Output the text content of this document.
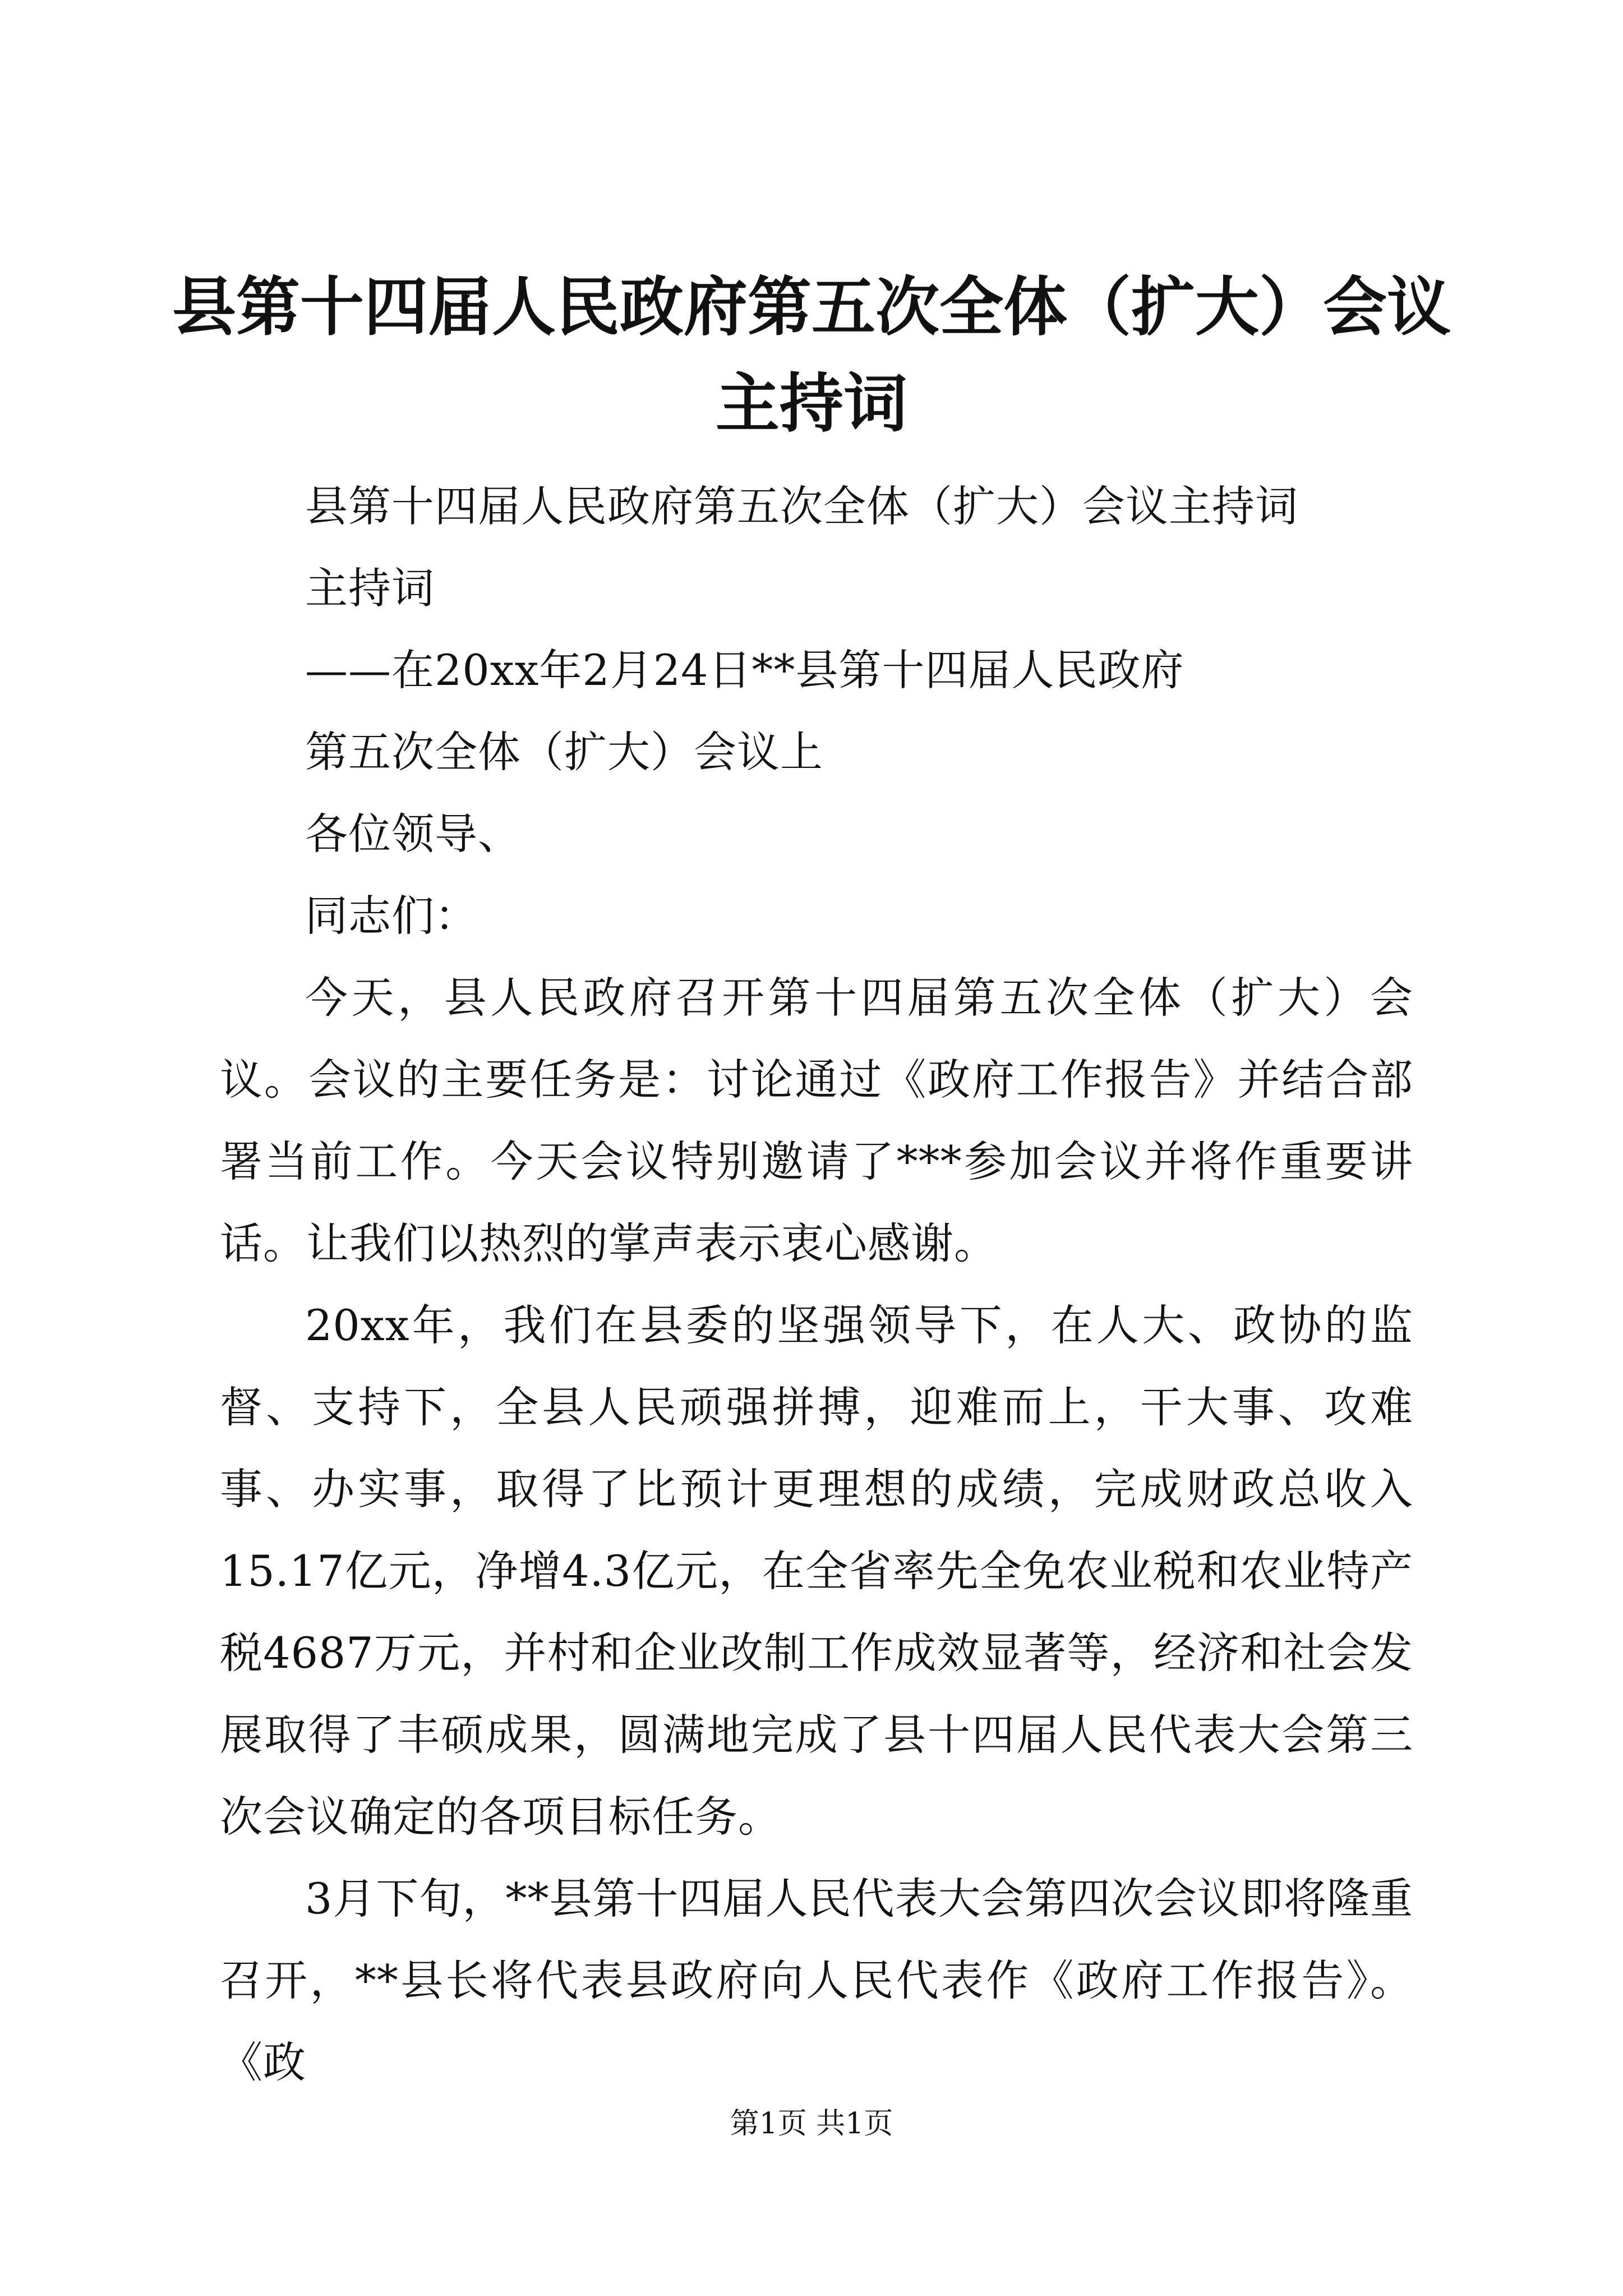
县第十四届人民政府第五次全体（扩大）会议
主持词

县第十四届人民政府第五次全体（扩大）会议主持词

主持词

——在20xx年2月24日**县第十四届人民政府

第五次全体（扩大）会议上

各位领导、

同志们：

今天，县人民政府召开第十四届第五次全体（扩大）会议。会议的主要任务是：讨论通过《政府工作报告》并结合部署当前工作。今天会议特别邀请了***参加会议并将作重要讲话。让我们以热烈的掌声表示衷心感谢。

20xx年，我们在县委的坚强领导下，在人大、政协的监督、支持下，全县人民顽强拼搏，迎难而上，干大事、攻难事、办实事，取得了比预计更理想的成绩，完成财政总收入15.17亿元，净增4.3亿元，在全省率先全免农业税和农业特产税4687万元，并村和企业改制工作成效显著等，经济和社会发展取得了丰硕成果，圆满地完成了县十四届人民代表大会第三次会议确定的各项目标任务。

3月下旬，**县第十四届人民代表大会第四次会议即将隆重召开，**县长将代表县政府向人民代表作《政府工作报告》。《政

第1页 共1页
